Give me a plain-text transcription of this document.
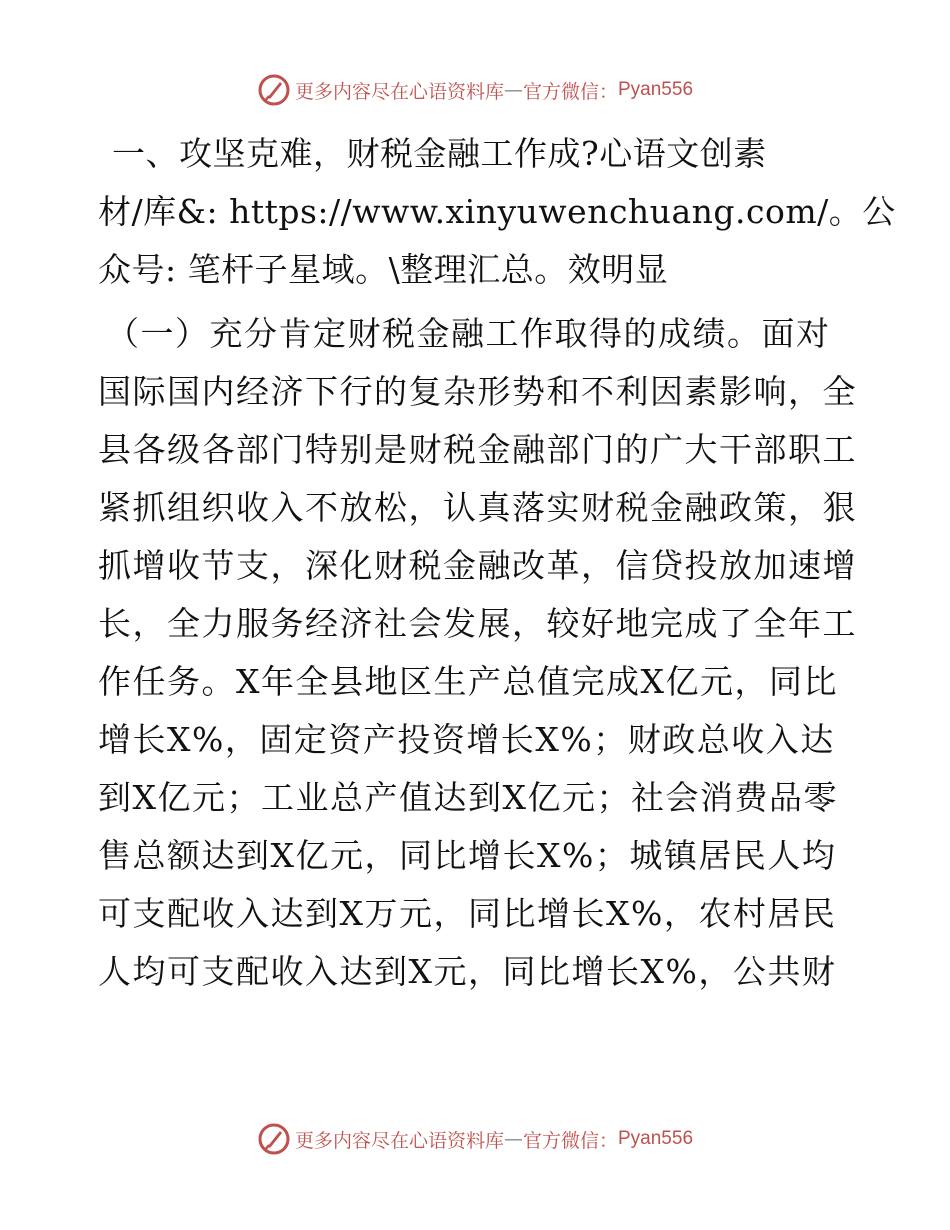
更多内容尽在心语资料库 — 官方微信： Pyan556
一、攻坚克难，财税金融工作成?心语文创素
材/库&: https://www.xinyuwenchuang.com/。公
众号: 笔杆子星域。\整理汇总。效明显
（一）充分肯定财税金融工作取得的成绩。面对
国际国内经济下行的复杂形势和不利因素影响，全
县各级各部门特别是财税金融部门的广大干部职工
紧抓组织收入不放松，认真落实财税金融政策，狠
抓增收节支，深化财税金融改革，信贷投放加速增
长，全力服务经济社会发展，较好地完成了全年工
作任务。X年全县地区生产总值完成X亿元，同比
增长X%，固定资产投资增长X%；财政总收入达
到X亿元；工业总产值达到X亿元；社会消费品零
售总额达到X亿元，同比增长X%；城镇居民人均
可支配收入达到X万元，同比增长X%，农村居民
人均可支配收入达到X元，同比增长X%，公共财
更多内容尽在心语资料库 — 官方微信： Pyan556
